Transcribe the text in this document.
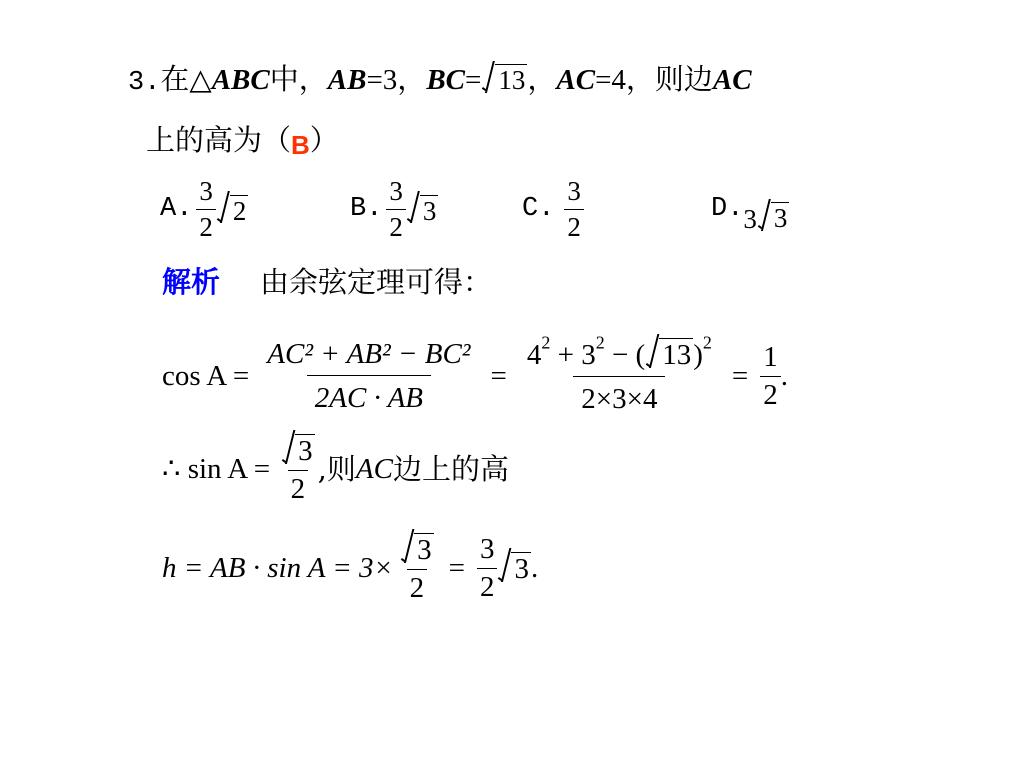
3.在△ABC中，AB=3，BC= 13，AC=4，则边AC
上的高为（B）
A. $\frac{3}{2} 2$	B. $\frac{3}{2} 3$	C. $\frac{3}{2}$	D. 3 3
解析 由余弦定理可得：
$\cos A = \frac{\text{AC² + AB² − BC²}}{2AC \cdot AB} = \frac{4^2 + 3^2 - ( 13)^2}{2\times 3\times 4} = \frac{1}{2}$ .
∴ $\sin A = \frac{3}{2}$ ,则 AC 边上的高
h = AB · $\sin A = 3\times \frac{3}{2} = \frac{3}{2} 3$ .
